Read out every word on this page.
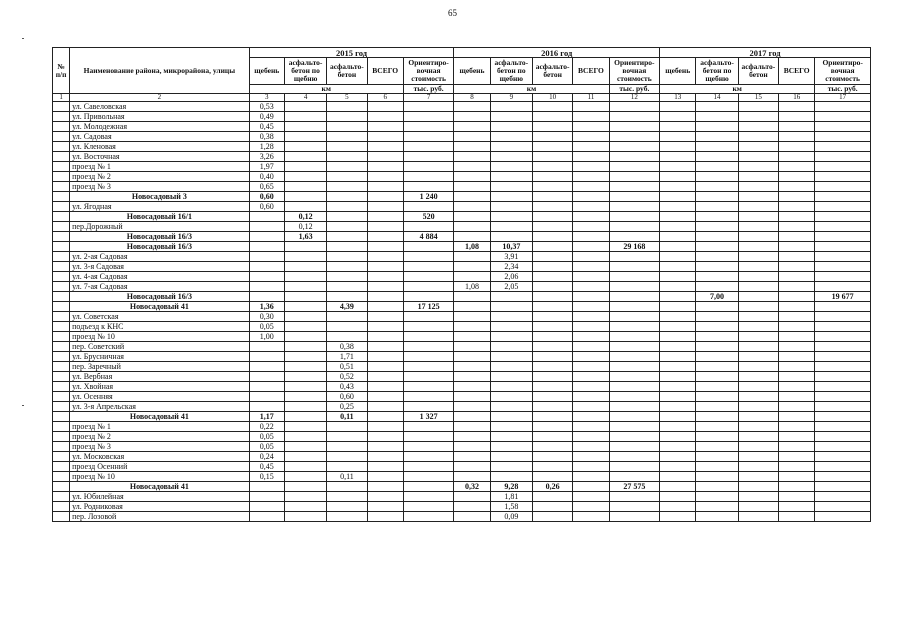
65
№ п/п	Наименование района, микрорайона, улицы	2015 год					2016 год					2017 год				
		щебень	асфальто-бетон по щебню	асфальто-бетон	ВСЕГО	Ориентиро-вочная стоимость	щебень	асфальто-бетон по щебню	асфальто-бетон	ВСЕГО	Ориентиро-вочная стоимость	щебень	асфальто-бетон по щебню	асфальто-бетон	ВСЕГО	Ориентиро-вочная стоимость
		км				тыс. руб.	км				тыс. руб.	км				тыс. руб.
1	2	3	4	5	6	7	8	9	10	11	12	13	14	15	16	17
	ул. Савеловская	0,53														
	ул. Привольная	0,49														
	ул. Молодежная	0,45														
	ул. Садовая	0,38														
	ул. Кленовая	1,28														
	ул. Восточная	3,26														
	проезд № 1	1,97														
	проезд № 2	0,40														
	проезд № 3	0,65														
	Новосадовый 3	0,60				1 240										
	ул. Ягодная	0,60														
	Новосадовый 16/1		0,12			520										
	пер.Дорожный		0,12													
	Новосадовый 16/3		1,63			4 884										
	Новосадовый 16/3						1,08	10,37			29 168					
	ул. 2-ая Садовая							3,91								
	ул. 3-я Садовая							2,34								
	ул. 4-ая Садовая							2,06								
	ул. 7-ая Садовая						1,08	2,05								
	Новосадовый 16/3												7,00			19 677
	Новосадовый 41	1,36		4,39		17 125										
	ул. Советская	0,30														
	подъезд к КНС	0,05														
	проезд № 10	1,00														
	пер. Советский			0,38												
	ул. Брусничная			1,71												
	пер. Заречный			0,51												
	ул. Вербная			0,52												
	ул. Хвойная			0,43												
	ул. Осенняя			0,60												
	ул. 3-я Апрельская			0,25												
	Новосадовый 41	1,17		0,11		1 327										
	проезд № 1	0,22														
	проезд № 2	0,05														
	проезд № 3	0,05														
	ул. Московская	0,24														
	проезд Осенний	0,45														
	проезд № 10	0,15		0,11												
	Новосадовый 41						0,32	9,28	0,26		27 575					
	ул. Юбилейная							1,81								
	ул. Родниковая							1,58								
	пер. Лозовой							0,09								
